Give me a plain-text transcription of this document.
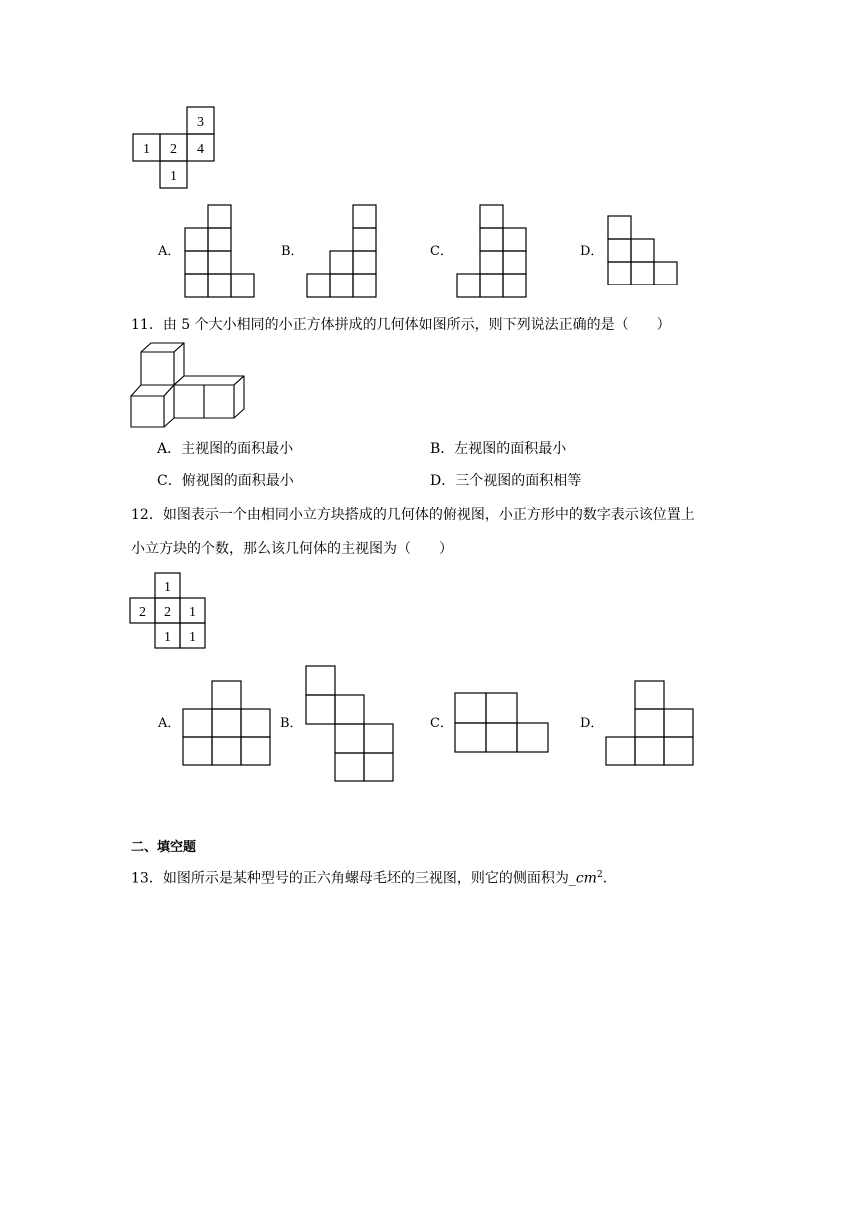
3
1 2 4
1
A．	B．	C．	D．
11．由 5 个大小相同的小正方体拼成的几何体如图所示，则下列说法正确的是（　　）
A．主视图的面积最小	B．左视图的面积最小
C．俯视图的面积最小	D．三个视图的面积相等
12．如图表示一个由相同小立方块搭成的几何体的俯视图，小正方形中的数字表示该位置上
小立方块的个数，那么该几何体的主视图为（　　）
1
2 2 1
1 1
A．	B．	C．	D．
二、填空题
13．如图所示是某种型号的正六角螺母毛坯的三视图，则它的侧面积为$\_cm^2$．
